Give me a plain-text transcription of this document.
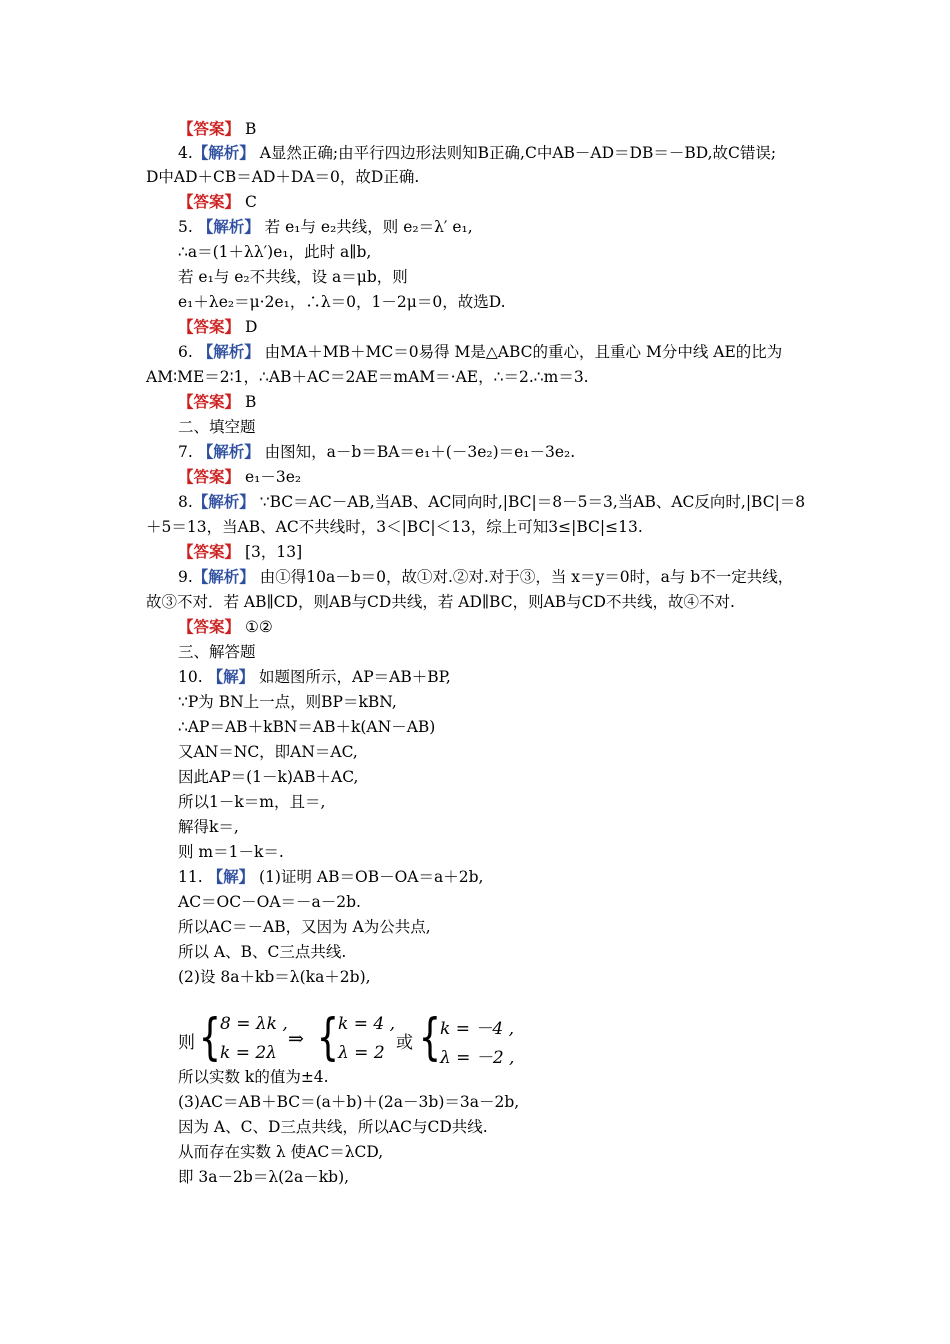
【答案】 B
4.【解析】 A显然正确;由平行四边形法则知B正确,C中AB－AD＝DB＝－BD,故C错误;
D中AD＋CB＝AD＋DA＝0，故D正确.
【答案】 C
5. 【解析】 若 e₁与 e₂共线，则 e₂＝λ′ e₁,
∴a＝(1＋λλ′)e₁，此时 a∥b,
若 e₁与 e₂不共线，设 a＝μb，则
e₁＋λe₂＝μ·2e₁，∴λ＝0，1－2μ＝0，故选D.
【答案】 D
6. 【解析】 由MA＋MB＋MC＝0易得 M是△ABC的重心，且重心 M分中线 AE的比为
AM∶ME＝2∶1，∴AB＋AC＝2AE＝mAM＝·AE，∴＝2.∴m＝3.
【答案】 B
二、填空题
7. 【解析】 由图知，a－b＝BA＝e₁＋(－3e₂)＝e₁－3e₂.
【答案】 e₁－3e₂
8.【解析】 ∵BC＝AC－AB,当AB、AC同向时,|BC|＝8－5＝3,当AB、AC反向时,|BC|＝8
＋5＝13，当AB、AC不共线时，3＜|BC|＜13，综上可知3≤|BC|≤13.
【答案】 [3，13]
9.【解析】 由①得10a－b＝0，故①对.②对.对于③，当 x＝y＝0时，a与 b不一定共线，
故③不对．若 AB∥CD，则AB与CD共线，若 AD∥BC，则AB与CD不共线，故④不对.
【答案】 ①②
三、解答题
10. 【解】 如题图所示，AP＝AB＋BP,
∵P为 BN上一点，则BP＝kBN,
∴AP＝AB＋kBN＝AB＋k(AN－AB)
又AN＝NC，即AN＝AC,
因此AP＝(1－k)AB＋AC,
所以1－k＝m，且＝,
解得k＝,
则 m＝1－k＝.
11. 【解】 (1)证明 AB＝OB－OA＝a＋2b,
AC＝OC－OA＝－a－2b.
所以AC＝－AB，又因为 A为公共点,
所以 A、B、C三点共线.
(2)设 8a＋kb＝λ(ka＋2b),
所以实数 k的值为±4.
(3)AC＝AB＋BC＝(a＋b)＋(2a－3b)＝3a－2b,
因为 A、C、D三点共线，所以AC与CD共线.
从而存在实数 λ 使AC＝λCD,
即 3a－2b＝λ(2a－kb),
则 {
8 = λk ,
k = 2λ
⇒ {
k = 4 ,
λ = 2 或 {
k = －4 ,
λ = －2 ,
